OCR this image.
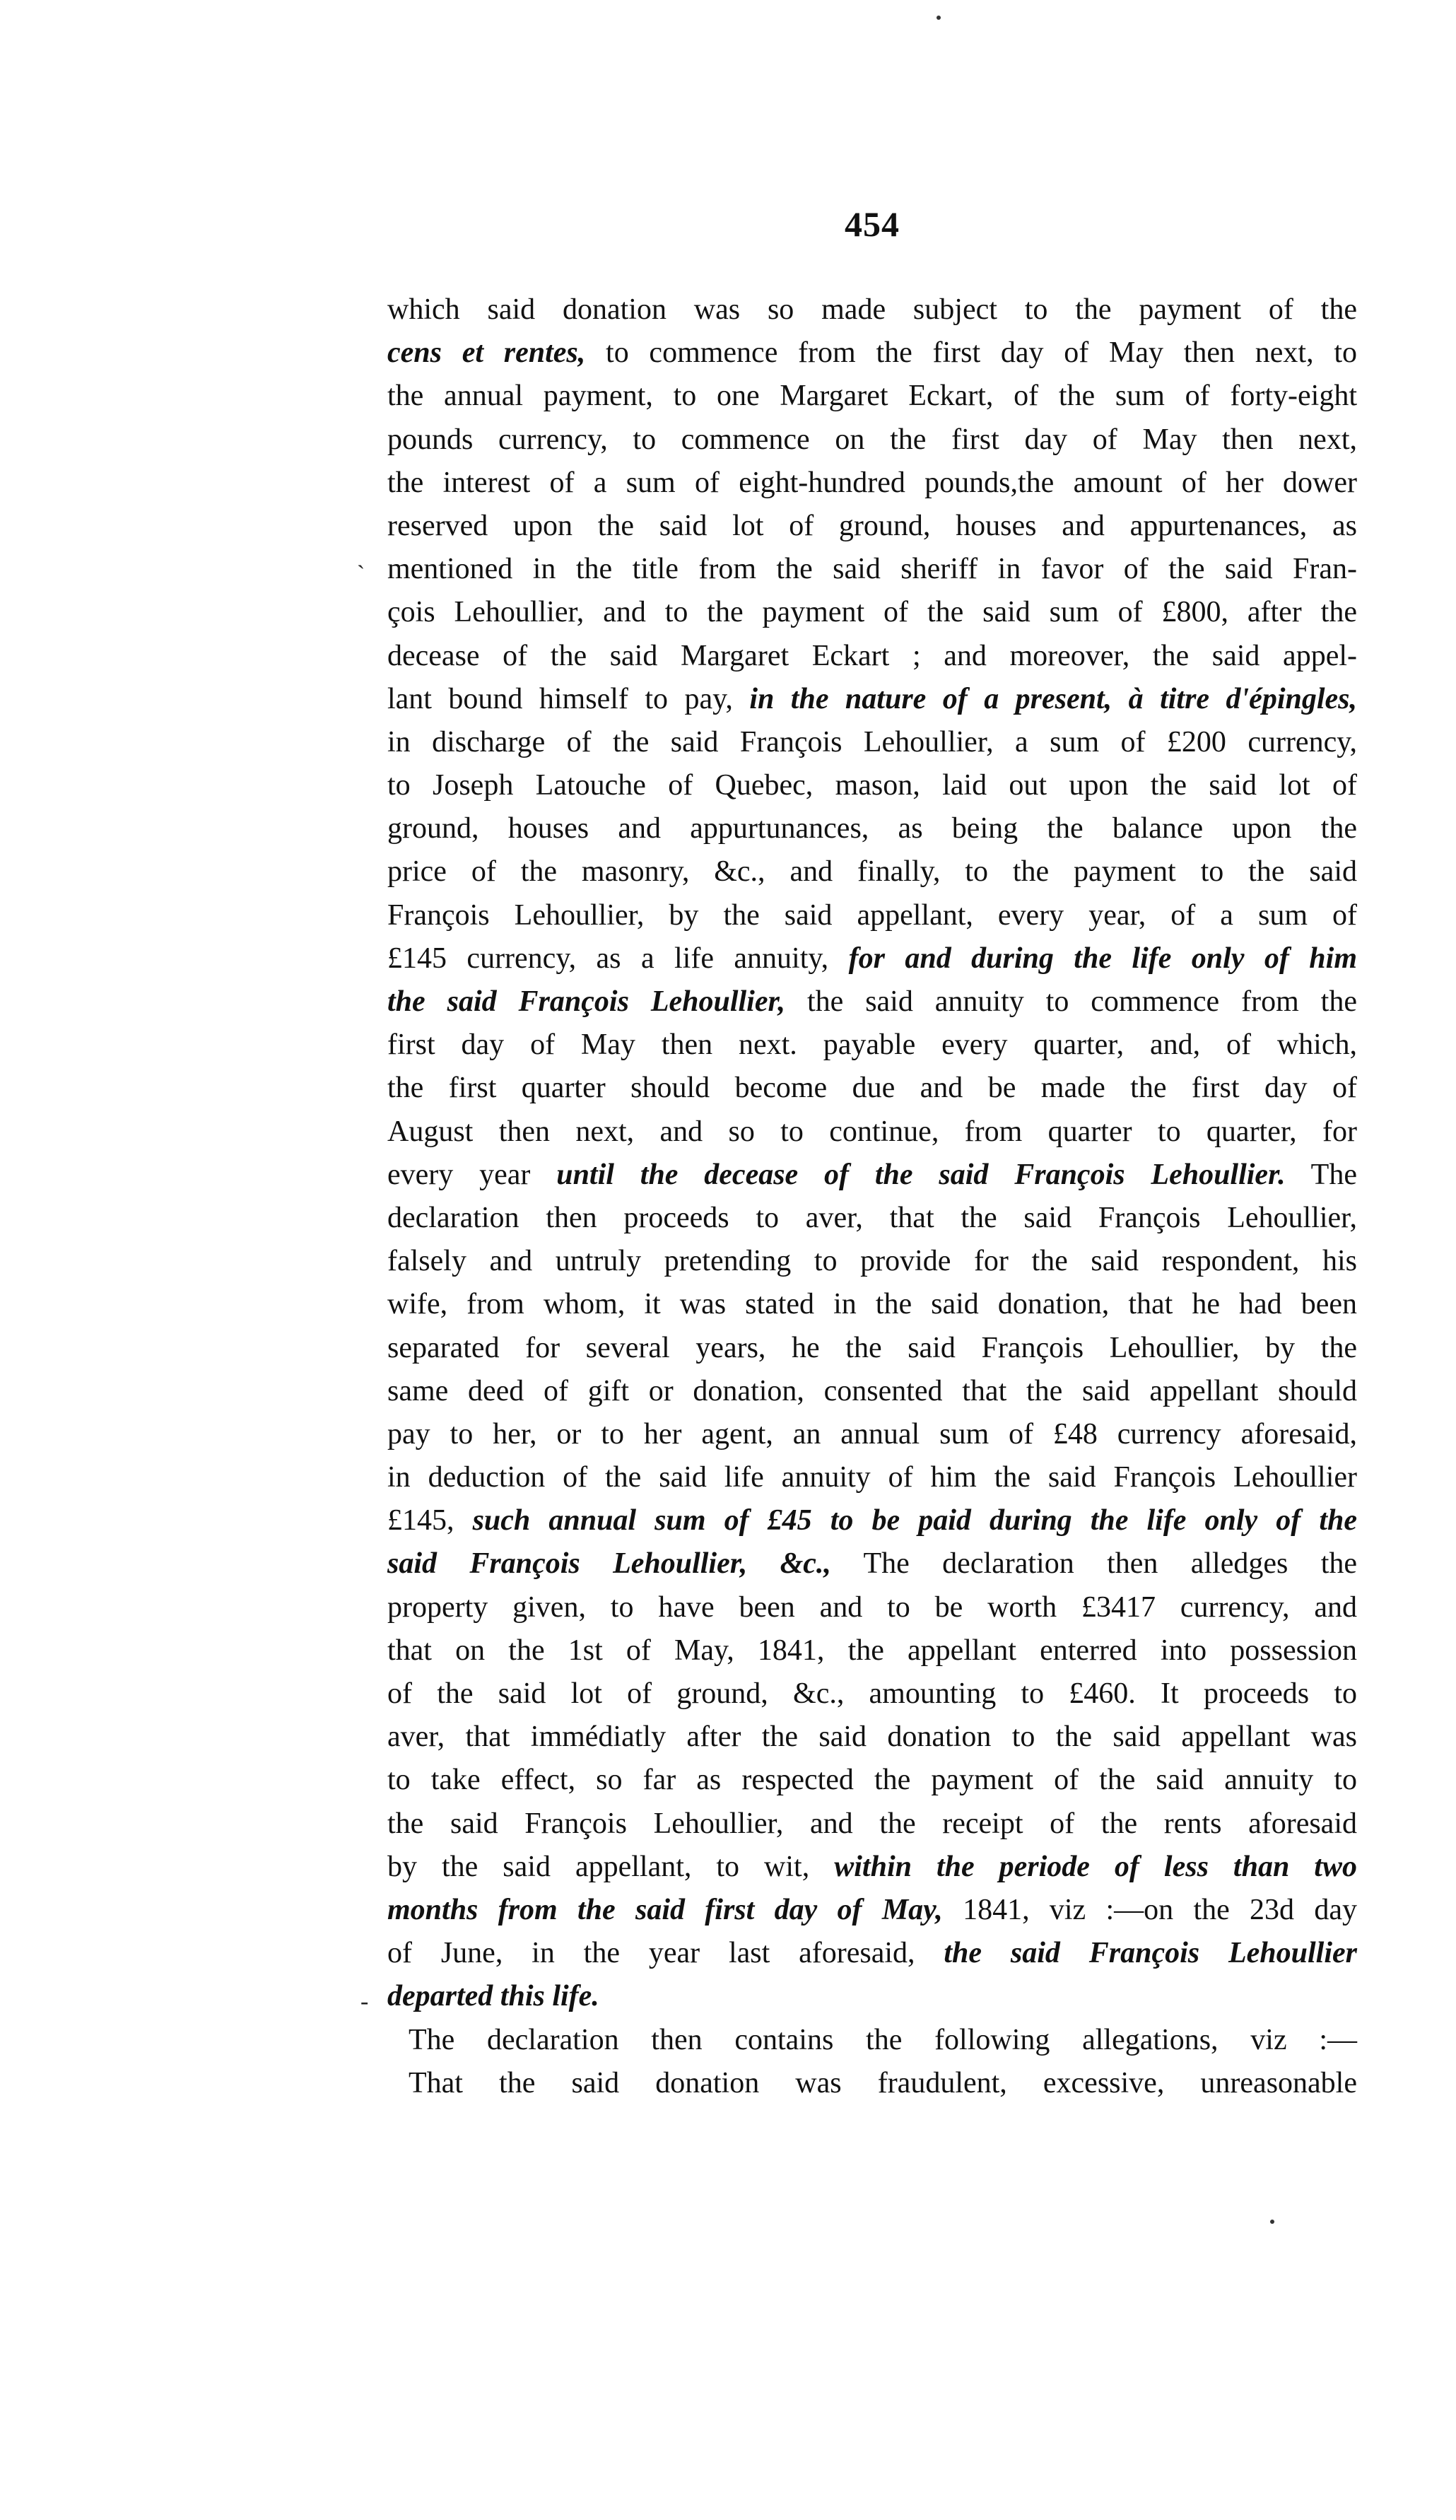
454
`
-
which said donation was so made subject to the payment of the
cens et rentes, to commence from the first day of May then next, to
the annual payment, to one Margaret Eckart, of the sum of forty-eight
pounds currency, to commence on the first day of May then next,
the interest of a sum of eight-hundred pounds,the amount of her dower
reserved upon the said lot of ground, houses and appurtenances, as
mentioned in the title from the said sheriff in favor of the said Fran-
çois Lehoullier, and to the payment of the said sum of £800, after the
decease of the said Margaret Eckart ; and moreover, the said appel-
lant bound himself to pay, in the nature of a present, à titre d'épingles,
in discharge of the said François Lehoullier, a sum of £200 currency,
to Joseph Latouche of Quebec, mason, laid out upon the said lot of
ground, houses and appurtunances, as being the balance upon the
price of the masonry, &c., and finally, to the payment to the said
François Lehoullier, by the said appellant, every year, of a sum of
£145 currency, as a life annuity, for and during the life only of him
the said François Lehoullier, the said annuity to commence from the
first day of May then next. payable every quarter, and, of which,
the first quarter should become due and be made the first day of
August then next, and so to continue, from quarter to quarter, for
every year until the decease of the said François Lehoullier. The
declaration then proceeds to aver, that the said François Lehoullier,
falsely and untruly pretending to provide for the said respondent, his
wife, from whom, it was stated in the said donation, that he had been
separated for several years, he the said François Lehoullier, by the
same deed of gift or donation, consented that the said appellant should
pay to her, or to her agent, an annual sum of £48 currency aforesaid,
in deduction of the said life annuity of him the said François Lehoullier
£145, such annual sum of £45 to be paid during the life only of the
said François Lehoullier, &c., The declaration then alledges the
property given, to have been and to be worth £3417 currency, and
that on the 1st of May, 1841, the appellant enterred into possession
of the said lot of ground, &c., amounting to £460. It proceeds to
aver, that immédiatly after the said donation to the said appellant was
to take effect, so far as respected the payment of the said annuity to
the said François Lehoullier, and the receipt of the rents aforesaid
by the said appellant, to wit, within the periode of less than two
months from the said first day of May, 1841, viz :—on the 23d day
of June, in the year last aforesaid, the said François Lehoullier
departed this life.
The declaration then contains the following allegations, viz :—
That the said donation was fraudulent, excessive, unreasonable
